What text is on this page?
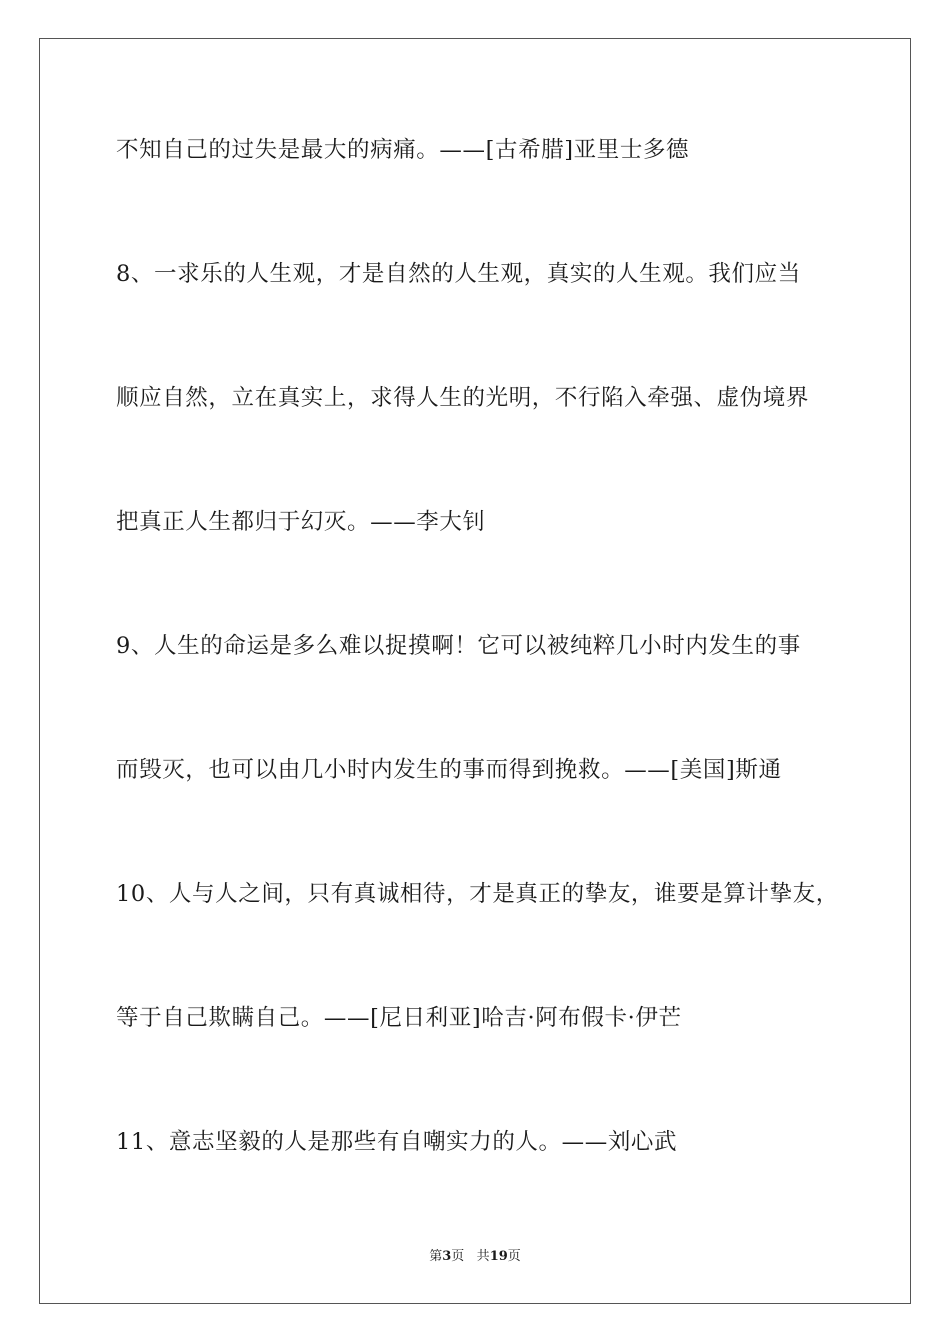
不知自己的过失是最大的病痛。——[古希腊]亚里士多德
8、一求乐的人生观，才是自然的人生观，真实的人生观。我们应当
顺应自然，立在真实上，求得人生的光明，不行陷入牵强、虚伪境界
把真正人生都归于幻灭。——李大钊
9、人生的命运是多么难以捉摸啊！它可以被纯粹几小时内发生的事
而毁灭，也可以由几小时内发生的事而得到挽救。——[美国]斯通
10、人与人之间，只有真诚相待，才是真正的挚友，谁要是算计挚友，
等于自己欺瞒自己。——[尼日利亚]哈吉·阿布假卡·伊芒
11、意志坚毅的人是那些有自嘲实力的人。——刘心武
第3页 共19页
